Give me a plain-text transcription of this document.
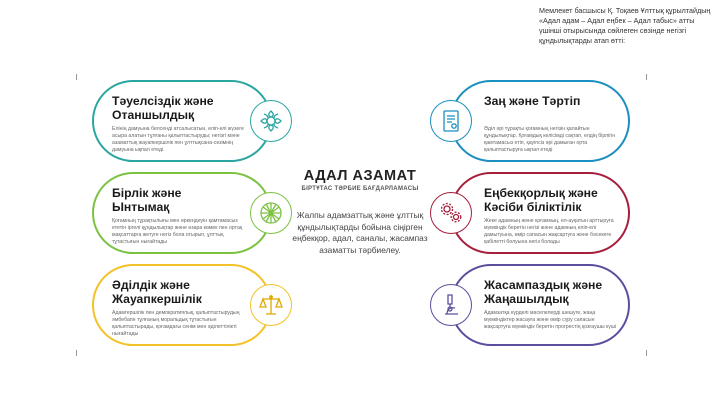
Мемлекет басшысы Қ. Тоқаев Ұлттық құрылтайдың «Адал адам – Адал еңбек – Адал табыс» атты үшінші отырысында сөйлеген сөзінде негізгі құндылықтарды атап өтті:
Тәуелсіздік және Отаншылдық
Елінің дамуына белсенді атсалысатын, еліп-елі жүзеге асыра алатын тұлғаны қалыптастыруды; негізгі мәне азаматтық жауапкершілік пен ұлттықсана-сезімнің дамуына ықпал етеді.
Бірлік және Ынтымақ
Қоғамның тұрақтылығы мен өркендеуін қамтамасыз ететін іргелі құндылықтар және өзара көмек пен ортақ мақсаттарға жетуге негіз бола отырып, ұлттық тұтастығын нығайтады
Әділдік және Жауапкершілік
Адамгершілік пен демократиялық, қалыптастырудың әмбебапн тұлғаның моральдық тұтастығын қалыптастырады, қоғамдағы сенім мен әділеттілікті нығайтады
АДАЛ АЗАМАТ
БІРТҰТАС ТӘРБИЕ БАҒДАРЛАМАСЫ
Жалпы адамзаттық және ұлттық құндылықтарды бойына сіңірген еңбекқор, адал, саналы, жасампаз азаматты тәрбиелеу.
Заң және Тәртіп
Әділ әрі тұрақты қоғамның негізін қалайтын құндылықтар. Қоғамдық келісімді сақтап, елдің бірлігін қамтамасыз етіп, қауіпсіз әрі дамыған орта қалыптастыруға ықпал етеді
Еңбекқорлық және Кәсіби біліктілік
Жеке адамның және қоғамның, ел-ауқатын арттыруға мүмкіндік беретін негізі және адамның еліп-елі дамытуына, өмір сапасын жақсартуға және бәсекеге қабілетті болуына негіз болады
Жасампаздық және Жаңашылдық
Адамзатқа күрделі мәселелерді шешуге, жаңа мүмкіндіктер жасауға және өмір сүру сапасын жақсартуға мүмкіндік беретін прогрестің қозғаушы күші
